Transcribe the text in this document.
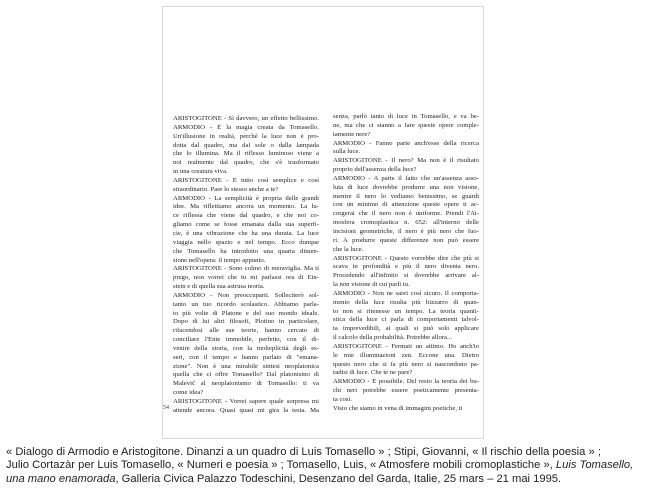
ARISTOGITONE - Sì davvero, un effetto bellissimo.
ARMODIO - È la magia creata da Tomasello.
Un'illusione in realtà, perché la luce non è pro-
dotta dal quadro, ma dal sole o dalla lampada
che lo illumina. Ma il riflesso luminoso viene a
noi realmente dal quadro, che s'è trasformato
in una creatura viva.
ARISTOGITONE - È tutto così semplice e così
straordinario. Pare lo stesso anche a te?
ARMODIO - La semplicità è propria delle grandi
idee. Ma riflettiamo ancora un momento. La lu-
ce riflessa che viene dal quadro, e che noi co-
gliamo come se fosse emanata dalla sua superfi-
cie, è una vibrazione che ha una durata. La luce
viaggia nello spazio e nel tempo. Ecco dunque
che Tomasello ha introdotto una quarta dimen-
sione nell'opera: il tempo appunto.
ARISTOGITONE - Sono colmo di meraviglia. Ma ti
prego, non vorrei che tu mi parlassi ora di Ein-
stein e di quella sua astrusa teoria.
ARMODIO - Non preoccuparti. Solleciterò sol-
tanto un tuo ricordo scolastico. Abbiamo parla-
to più volte di Platone e del suo mondo ideale.
Dopo di lui altri filosofi, Plotino in particolare,
rifacendosi alle sue teorie, hanno cercato di
conciliare l'Ente immobile, perfetto, con il di-
venire della storia, con la molteplicità degli es-
seri, con il tempo e hanno parlato di "emana-
zione". Non è una mirabile sintesi neoplatonica
quella che ci offre Tomasello? Dal platonismo di
Malevič al neoplatonismo di Tomasello: ti va
come idea?
ARISTOGITONE - Vorrei sapere quale sorpresa mi
attende ancora. Quasi quasi mi gira la testa. Ma
senza, parlò tanto di luce in Tomasello, e va be-
ne, ma che ci stanno a fare queste opere comple-
tamente nere?
ARMODIO - Fanno parte anch'esse della ricerca
sulla luce.
ARISTOGITONE - Il nero? Ma non è il risultato
proprio dell'assenza della luce?
ARMODIO - A parte il fatto che un'assenza asso-
luta di luce dovrebbe produrre una non visione,
mentre il nero lo vediamo benissimo, se guardi
con un minimo di attenzione queste opere ti ac-
corgerai che il nero non è uniforme. Prendi l'At-
mosfera cromoplastica n. 652: all'interno delle
incisioni geometriche, il nero è più nero che fuo-
ri. A produrre queste differenze non può essere
che la luce.
ARISTOGITONE - Questo vorrebbe dire che più si
scava in profondità e più il nero diventa nero.
Procedendo all'infinito si dovrebbe arrivare al-
la non visione di cui parli tu.
ARMODIO - Non ne sarei così sicuro. Il comporta-
mento della luce risulta più bizzarro di quan-
to non si ritenesse un tempo. La teoria quanti-
stica della luce ci parla di comportamenti talvol-
ta imprevedibili, ai quali si può solo applicare
il calcolo della probabilità. Potrebbe allora...
ARISTOGITONE - Fermati un attimo. Ho anch'io
le mie illuminazioni zen. Eccone una. Dietro
questo nero che si fa più nero si nascondono pa-
radisi di luce. Che te ne pare?
ARMODIO - È possibile. Del resto la teoria dei bu-
chi neri potrebbe essere poeticamente presenta-
ta così.
Visto che siamo in vena di immagini poetiche, ti
54
« Dialogo di Armodio e Aristogitone. Dinanzi a un quadro di Luis Tomasello » ; Stipi, Giovanni, « Il rischio della poesia » ;
Julio Cortazàr per Luis Tomasello, « Numeri e poesia » ; Tomasello, Luis, « Atmosfere mobili cromoplastiche », Luis Tomasello,
una mano enamorada, Galleria Civica Palazzo Todeschini, Desenzano del Garda, Italie, 25 mars – 21 mai 1995.
